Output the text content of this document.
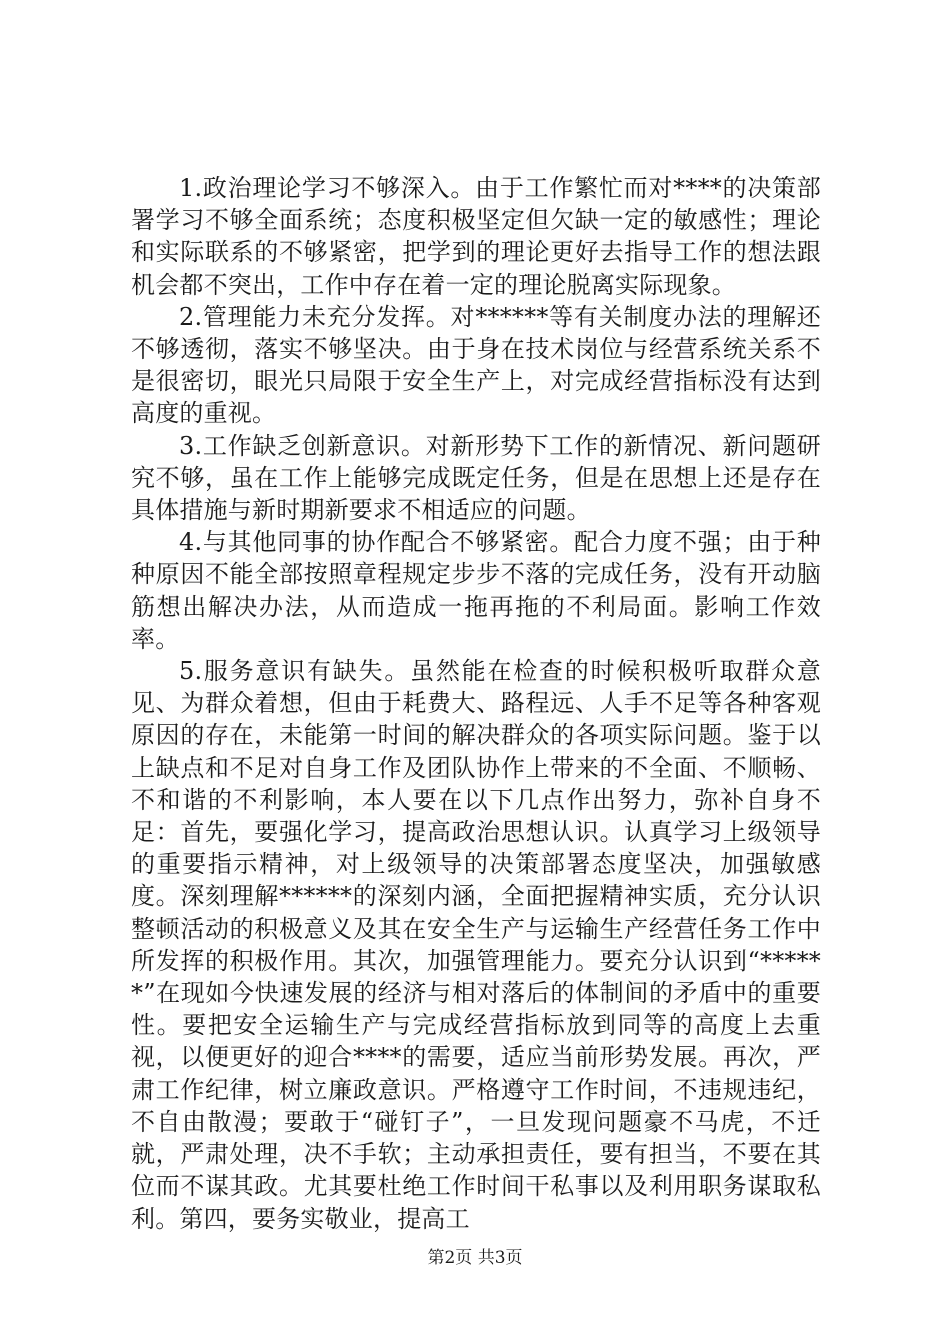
1.政治理论学习不够深入。由于工作繁忙而对****的决策部署学习不够全面系统；态度积极坚定但欠缺一定的敏感性；理论和实际联系的不够紧密，把学到的理论更好去指导工作的想法跟机会都不突出，工作中存在着一定的理论脱离实际现象。

2.管理能力未充分发挥。对******等有关制度办法的理解还不够透彻，落实不够坚决。由于身在技术岗位与经营系统关系不是很密切，眼光只局限于安全生产上，对完成经营指标没有达到高度的重视。

3.工作缺乏创新意识。对新形势下工作的新情况、新问题研究不够，虽在工作上能够完成既定任务，但是在思想上还是存在具体措施与新时期新要求不相适应的问题。

4.与其他同事的协作配合不够紧密。配合力度不强；由于种种原因不能全部按照章程规定步步不落的完成任务，没有开动脑筋想出解决办法，从而造成一拖再拖的不利局面。影响工作效率。

5.服务意识有缺失。虽然能在检查的时候积极听取群众意见、为群众着想，但由于耗费大、路程远、人手不足等各种客观原因的存在，未能第一时间的解决群众的各项实际问题。鉴于以上缺点和不足对自身工作及团队协作上带来的不全面、不顺畅、不和谐的不利影响，本人要在以下几点作出努力，弥补自身不足：首先，要强化学习，提高政治思想认识。认真学习上级领导的重要指示精神，对上级领导的决策部署态度坚决，加强敏感度。深刻理解******的深刻内涵，全面把握精神实质，充分认识整顿活动的积极意义及其在安全生产与运输生产经营任务工作中所发挥的积极作用。其次，加强管理能力。要充分认识到“******”在现如今快速发展的经济与相对落后的体制间的矛盾中的重要性。要把安全运输生产与完成经营指标放到同等的高度上去重视，以便更好的迎合****的需要，适应当前形势发展。再次，严肃工作纪律，树立廉政意识。严格遵守工作时间，不违规违纪，不自由散漫；要敢于“碰钉子”，一旦发现问题豪不马虎，不迁就，严肃处理，决不手软；主动承担责任，要有担当，不要在其位而不谋其政。尤其要杜绝工作时间干私事以及利用职务谋取私利。第四，要务实敬业，提高工

第2页 共3页
